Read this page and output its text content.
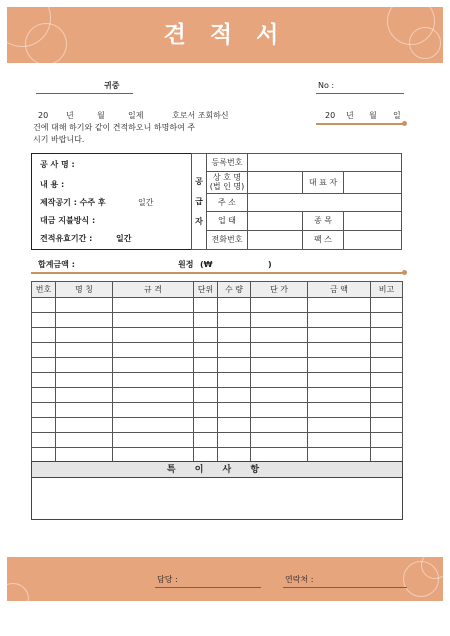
견 적 서
귀중	No :
20 년	월	일제	호로서 조회하신
건에 대해 하기와 같이 견적하오니 하명하여 주
시기 바랍니다.
20 년 월 일
공 사 명 :
내 용 :
제작공기 : 수주 후	일간
대금 지불방식 :
견적유효기간 :	일간
공
급
자	등록번호			

	상 호 명
(법 인 명)		대 표 자	
	주 소			
	업 태		종 목	
	전화번호		팩 스	
합계금액 :	원정 (₩	)
번호	명 칭	규 격	단위	수 량	단 가	금 액	비고

특 이 사 항
담당 :	연락처 :
